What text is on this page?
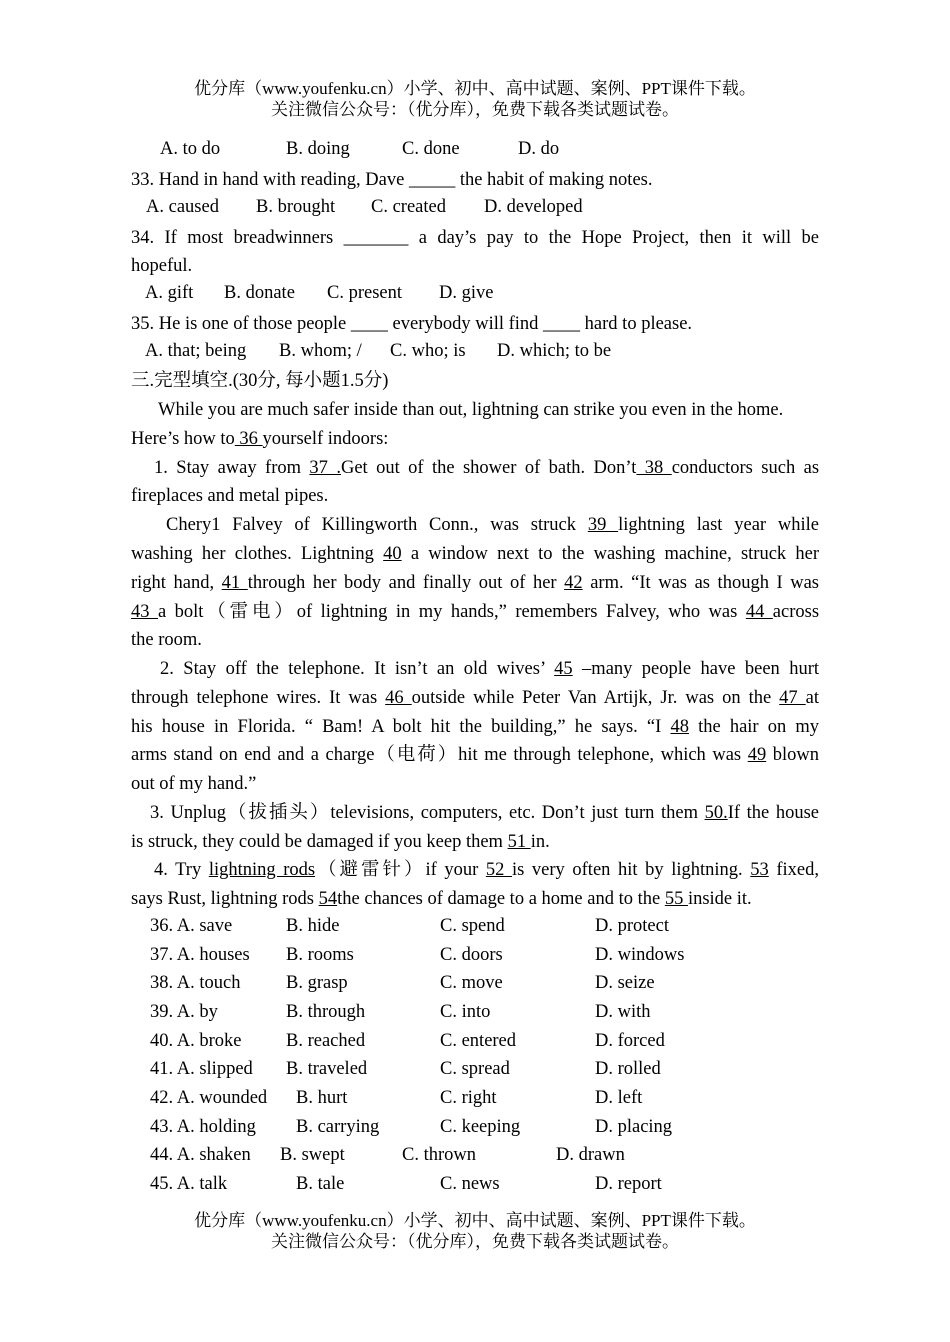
优分库（www.youfenku.cn）小学、初中、高中试题、案例、PPT课件下载。
关注微信公众号：（优分库），免费下载各类试题试卷。
A. to do	B. doing	C. done	D. do
33. Hand in hand with reading, Dave _____ the habit of making notes.
A. caused B. brought C. created D. developed
34. If most breadwinners _______ a day’s pay to the Hope Project, then it will be
hopeful.
A. gift B. donate C. present D. give
35. He is one of those people ____ everybody will find ____ hard to please.
A. that; being B. whom; / C. who; is D. which; to be
三.完型填空.(30分, 每小题1.5分)
While you are much safer inside than out, lightning can strike you even in the home.
Here’s how to 36 yourself indoors:
1. Stay away from 37 .Get out of the shower of bath. Don’t 38 conductors such as
fireplaces and metal pipes.
Chery1 Falvey of Killingworth Conn., was struck 39 lightning last year while
washing her clothes. Lightning 40 a window next to the washing machine, struck her
right hand, 41 through her body and finally out of her 42 arm. “It was as though I was
43 a bolt（雷电）of lightning in my hands,” remembers Falvey, who was 44 across
the room.
2. Stay off the telephone. It isn’t an old wives’ 45 –many people have been hurt
through telephone wires. It was 46 outside while Peter Van Artijk, Jr. was on the 47 at
his house in Florida. “ Bam! A bolt hit the building,” he says. “I 48 the hair on my
arms stand on end and a charge（电荷）hit me through telephone, which was 49 blown
out of my hand.”
3. Unplug（拔插头）televisions, computers, etc. Don’t just turn them 50.If the house
is struck, they could be damaged if you keep them 51 in.
4. Try lightning rods（避雷针）if your 52 is very often hit by lightning. 53 fixed,
says Rust, lightning rods 54the chances of damage to a home and to the 55 inside it.
36. A. save	B. hide	C. spend	D. protect
37. A. houses B. rooms	C. doors	D. windows
38. A. touch B. grasp	C. move	D. seize
39. A. by	B. through	C. into	D. with
40. A. broke B. reached	C. entered	D. forced
41. A. slipped B. traveled	C. spread	D. rolled
42. A. wounded B. hurt	C. right	D. left
43. A. holding B. carrying	C. keeping	D. placing
44. A. shaken B. swept	C. thrown	D. drawn
45. A. talk	B. tale	C. news	D. report
优分库（www.youfenku.cn）小学、初中、高中试题、案例、PPT课件下载。
关注微信公众号：（优分库），免费下载各类试题试卷。
